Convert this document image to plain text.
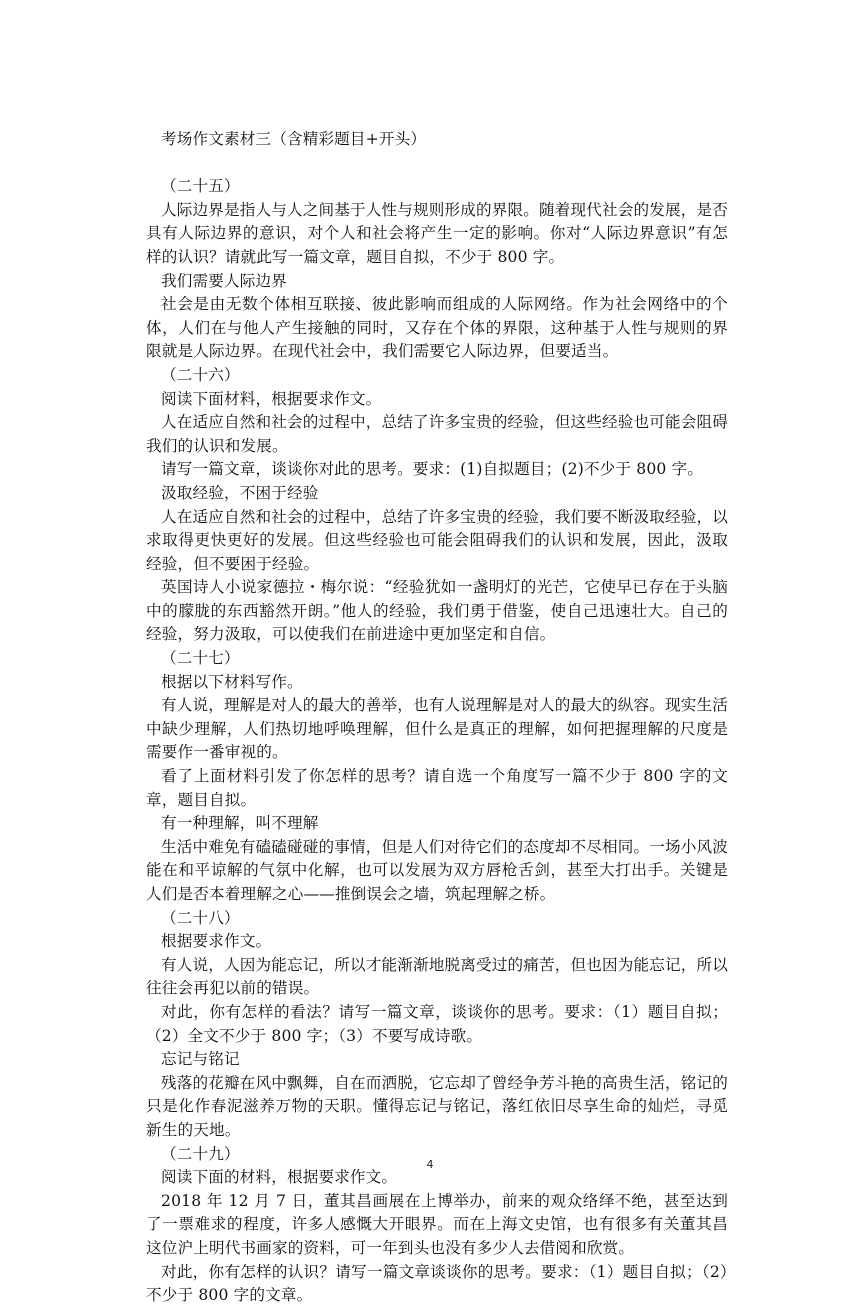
考场作文素材三（含精彩题目+开头）

（二十五）

人际边界是指人与人之间基于人性与规则形成的界限。随着现代社会的发展，是否具有人际边界的意识，对个人和社会将产生一定的影响。你对“人际边界意识”有怎样的认识？请就此写一篇文章，题目自拟，不少于 800 字。

我们需要人际边界

社会是由无数个体相互联接、彼此影响而组成的人际网络。作为社会网络中的个体，人们在与他人产生接触的同时，又存在个体的界限，这种基于人性与规则的界限就是人际边界。在现代社会中，我们需要它人际边界，但要适当。

（二十六）

阅读下面材料，根据要求作文。

人在适应自然和社会的过程中，总结了许多宝贵的经验，但这些经验也可能会阻碍我们的认识和发展。

请写一篇文章，谈谈你对此的思考。要求：(1)自拟题目；(2)不少于 800 字。

汲取经验，不困于经验

人在适应自然和社会的过程中，总结了许多宝贵的经验，我们要不断汲取经验，以求取得更快更好的发展。但这些经验也可能会阻碍我们的认识和发展，因此，汲取经验，但不要困于经验。

英国诗人小说家德拉・梅尔说：“经验犹如一盏明灯的光芒，它使早已存在于头脑中的朦胧的东西豁然开朗。”他人的经验，我们勇于借鉴，使自己迅速壮大。自己的经验，努力汲取，可以使我们在前进途中更加坚定和自信。

（二十七）

根据以下材料写作。

有人说，理解是对人的最大的善举，也有人说理解是对人的最大的纵容。现实生活中缺少理解，人们热切地呼唤理解，但什么是真正的理解，如何把握理解的尺度是需要作一番审视的。

看了上面材料引发了你怎样的思考？请自选一个角度写一篇不少于 800 字的文章，题目自拟。

有一种理解，叫不理解

生活中难免有磕磕碰碰的事情，但是人们对待它们的态度却不尽相同。一场小风波能在和平谅解的气氛中化解，也可以发展为双方唇枪舌剑，甚至大打出手。关键是人们是否本着理解之心——推倒误会之墙，筑起理解之桥。

（二十八）

根据要求作文。

有人说，人因为能忘记，所以才能渐渐地脱离受过的痛苦，但也因为能忘记，所以往往会再犯以前的错误。

对此，你有怎样的看法？请写一篇文章，谈谈你的思考。要求：（1）题目自拟；（2）全文不少于 800 字；（3）不要写成诗歌。

忘记与铭记

残落的花瓣在风中飘舞，自在而洒脱，它忘却了曾经争芳斗艳的高贵生活，铭记的只是化作春泥滋养万物的天职。懂得忘记与铭记，落红依旧尽享生命的灿烂，寻觅新生的天地。

（二十九）

阅读下面的材料，根据要求作文。

2018 年 12 月 7 日，董其昌画展在上博举办，前来的观众络绎不绝，甚至达到了一票难求的程度，许多人感慨大开眼界。而在上海文史馆，也有很多有关董其昌这位沪上明代书画家的资料，可一年到头也没有多少人去借阅和欣赏。

对此，你有怎样的认识？请写一篇文章谈谈你的思考。要求：（1）题目自拟；（2）不少于 800 字的文章。

4
